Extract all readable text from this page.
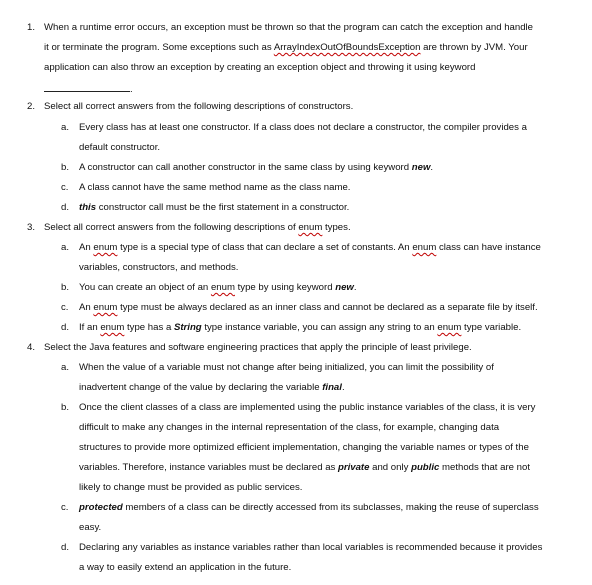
When a runtime error occurs, an exception must be thrown so that the program can catch the exception and handle
it or terminate the program. Some exceptions such as ArrayIndexOutOfBoundsException are thrown by JVM. Your
application can also throw an exception by creating an exception object and throwing it using keyword
.
1.
Select all correct answers from the following descriptions of constructors.
2.
Every class has at least one constructor. If a class does not declare a constructor, the compiler provides a
default constructor.
a.
A constructor can call another constructor in the same class by using keyword new.
b.
A class cannot have the same method name as the class name.
c.
this constructor call must be the first statement in a constructor.
d.
Select all correct answers from the following descriptions of enum types.
3.
An enum type is a special type of class that can declare a set of constants. An enum class can have instance
variables, constructors, and methods.
a.
You can create an object of an enum type by using keyword new.
b.
An enum type must be always declared as an inner class and cannot be declared as a separate file by itself.
c.
If an enum type has a String type instance variable, you can assign any string to an enum type variable.
d.
Select the Java features and software engineering practices that apply the principle of least privilege.
4.
When the value of a variable must not change after being initialized, you can limit the possibility of
inadvertent change of the value by declaring the variable final.
a.
Once the client classes of a class are implemented using the public instance variables of the class, it is very
difficult to make any changes in the internal representation of the class, for example, changing data
structures to provide more optimized efficient implementation, changing the variable names or types of the
variables. Therefore, instance variables must be declared as private and only public methods that are not
likely to change must be provided as public services.
b.
protected members of a class can be directly accessed from its subclasses, making the reuse of superclass
easy.
c.
Declaring any variables as instance variables rather than local variables is recommended because it provides
a way to easily extend an application in the future.
d.
